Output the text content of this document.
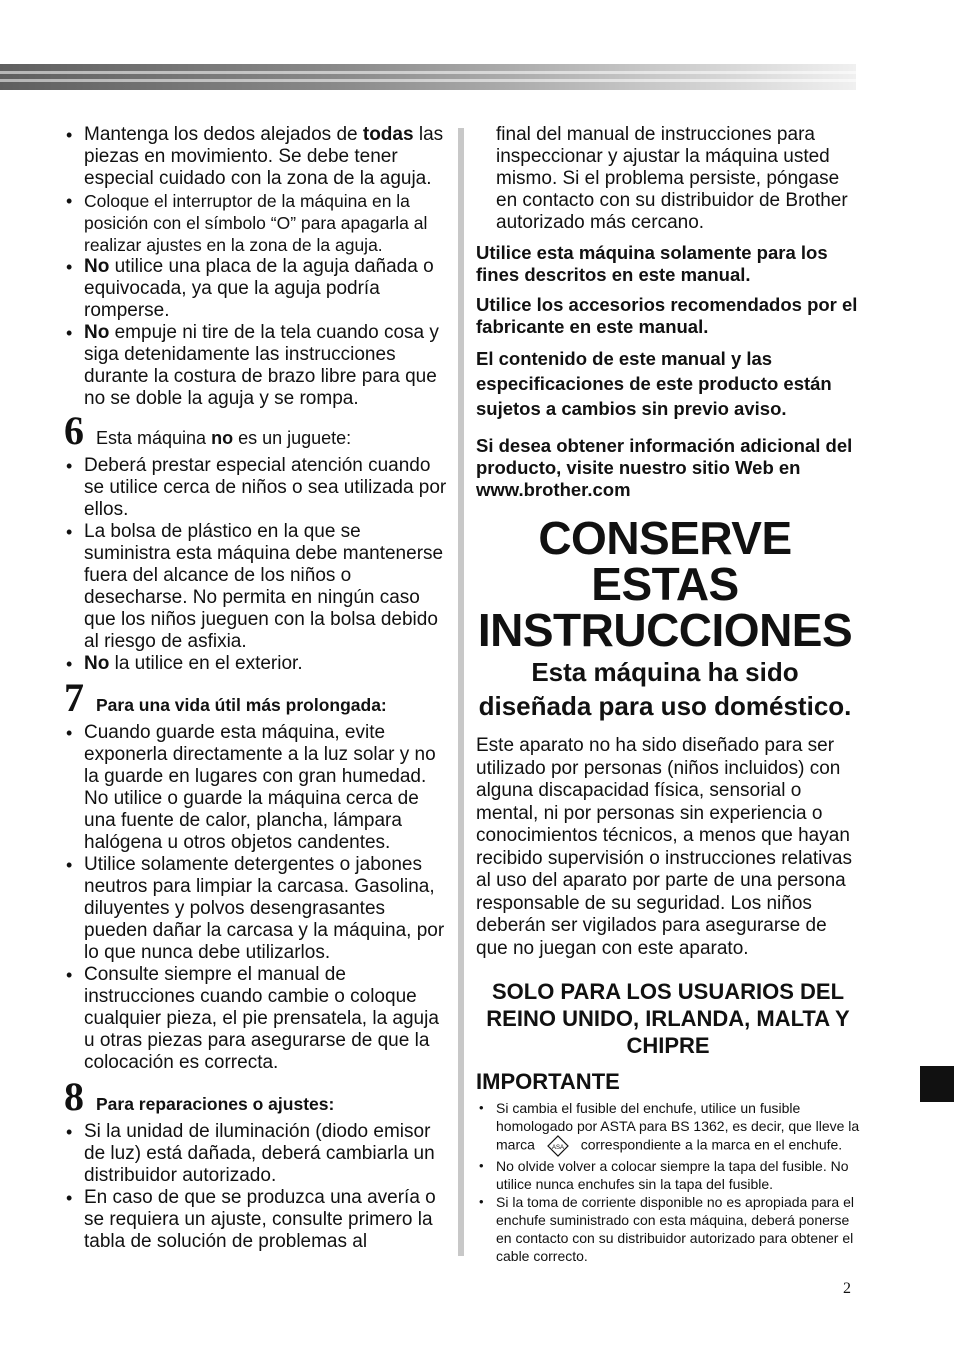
• Mantenga los dedos alejados de todas las piezas en movimiento. Se debe tener especial cuidado con la zona de la aguja.
• Coloque el interruptor de la máquina en la posición con el símbolo “O” para apagarla al realizar ajustes en la zona de la aguja.
• No utilice una placa de la aguja dañada o equivocada, ya que la aguja podría romperse.
• No empuje ni tire de la tela cuando cosa y siga detenidamente las instrucciones durante la costura de brazo libre para que no se doble la aguja y se rompa.
6 Esta máquina no es un juguete:
• Deberá prestar especial atención cuando se utilice cerca de niños o sea utilizada por ellos.
• La bolsa de plástico en la que se suministra esta máquina debe mantenerse fuera del alcance de los niños o desecharse. No permita en ningún caso que los niños jueguen con la bolsa debido al riesgo de asfixia.
• No la utilice en el exterior.
7 Para una vida útil más prolongada:
• Cuando guarde esta máquina, evite exponerla directamente a la luz solar y no la guarde en lugares con gran humedad. No utilice o guarde la máquina cerca de una fuente de calor, plancha, lámpara halógena u otros objetos candentes.
• Utilice solamente detergentes o jabones neutros para limpiar la carcasa. Gasolina, diluyentes y polvos desengrasantes pueden dañar la carcasa y la máquina, por lo que nunca debe utilizarlos.
• Consulte siempre el manual de instrucciones cuando cambie o coloque cualquier pieza, el pie prensatela, la aguja u otras piezas para asegurarse de que la colocación es correcta.
8 Para reparaciones o ajustes:
• Si la unidad de iluminación (diodo emisor de luz) está dañada, deberá cambiarla un distribuidor autorizado.
• En caso de que se produzca una avería o se requiera un ajuste, consulte primero la tabla de solución de problemas al

final del manual de instrucciones para inspeccionar y ajustar la máquina usted mismo. Si el problema persiste, póngase en contacto con su distribuidor de Brother autorizado más cercano.

Utilice esta máquina solamente para los fines descritos en este manual.

Utilice los accesorios recomendados por el fabricante en este manual.

El contenido de este manual y las especificaciones de este producto están sujetos a cambios sin previo aviso.

Si desea obtener información adicional del producto, visite nuestro sitio Web en www.brother.com

CONSERVE ESTAS
INSTRUCCIONES
Esta máquina ha sido
diseñada para uso doméstico.

Este aparato no ha sido diseñado para ser utilizado por personas (niños incluidos) con alguna discapacidad física, sensorial o mental, ni por personas sin experiencia o conocimientos técnicos, a menos que hayan recibido supervisión o instrucciones relativas al uso del aparato por parte de una persona responsable de su seguridad. Los niños deberán ser vigilados para asegurarse de que no juegan con este aparato.

SOLO PARA LOS USUARIOS DEL REINO UNIDO, IRLANDA, MALTA Y CHIPRE
IMPORTANTE
• Si cambia el fusible del enchufe, utilice un fusible homologado por ASTA para BS 1362, es decir, que lleve la marca	ASA correspondiente a la marca en el enchufe.
• No olvide volver a colocar siempre la tapa del fusible. No utilice nunca enchufes sin la tapa del fusible.
• Si la toma de corriente disponible no es apropiada para el enchufe suministrado con esta máquina, deberá ponerse en contacto con su distribuidor autorizado para obtener el cable correcto.
2
